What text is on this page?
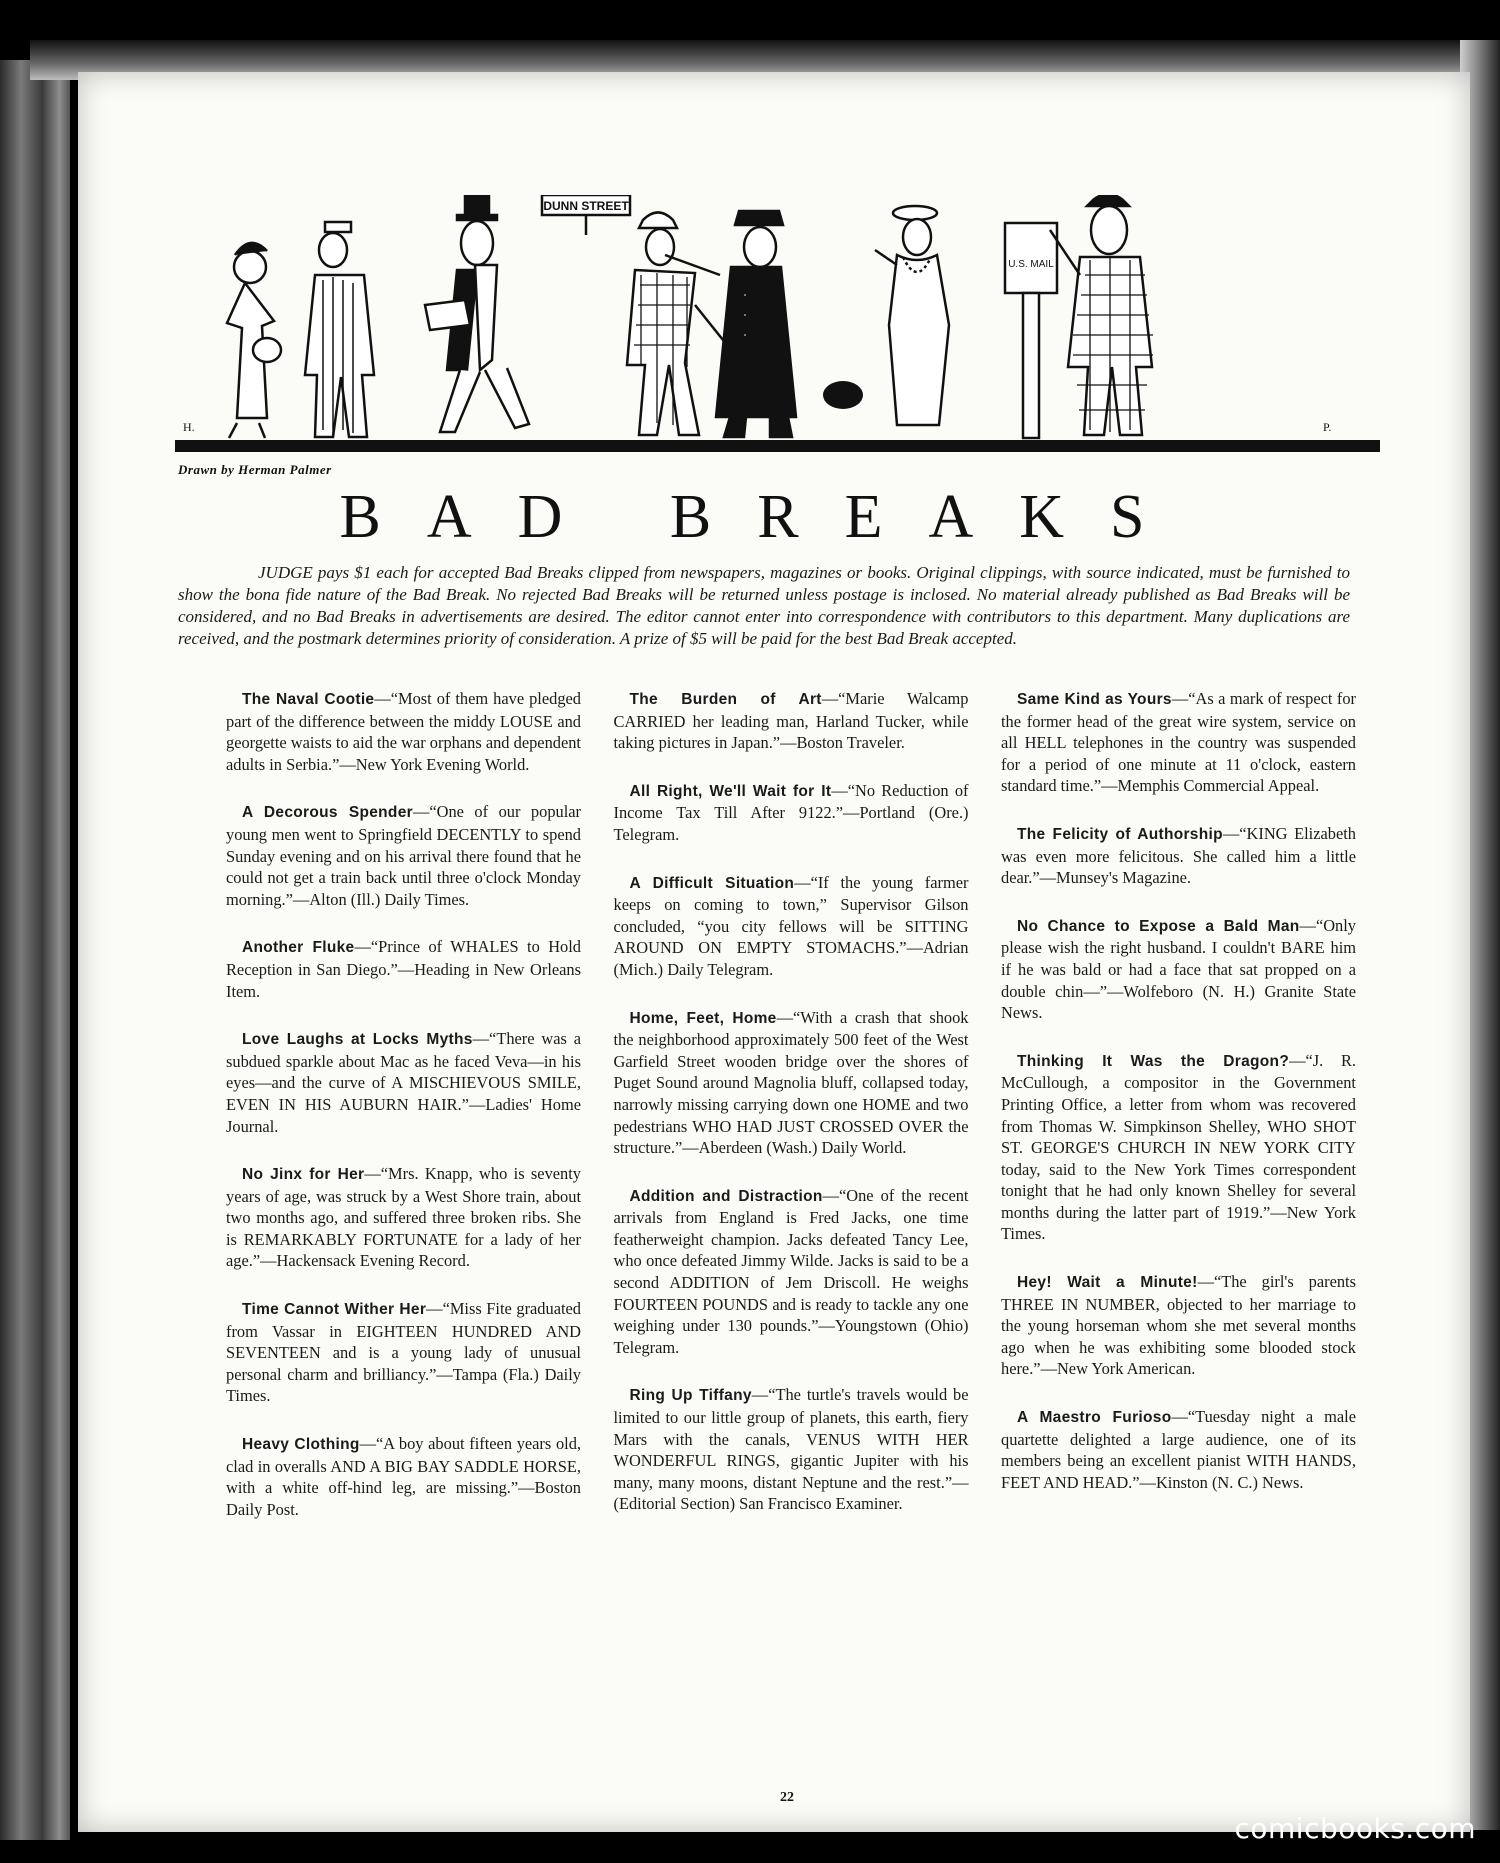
DUNN STREET
U.S. MAIL
H.	P.
Drawn by Herman Palmer
BAD BREAKS
JUDGE pays $1 each for accepted Bad Breaks clipped from newspapers, magazines or books. Original clippings, with source indicated, must be furnished to show the bona fide nature of the Bad Break. No rejected Bad Breaks will be returned unless postage is inclosed. No material already published as Bad Breaks will be considered, and no Bad Breaks in advertisements are desired. The editor cannot enter into correspondence with contributors to this department. Many duplications are received, and the postmark determines priority of consideration. A prize of $5 will be paid for the best Bad Break accepted.

The Naval Cootie—“Most of them have pledged part of the difference between the middy LOUSE and georgette waists to aid the war orphans and dependent adults in Serbia.”—New York Evening World.

A Decorous Spender—“One of our popular young men went to Springfield DECENTLY to spend Sunday evening and on his arrival there found that he could not get a train back until three o'clock Monday morning.”—Alton (Ill.) Daily Times.

Another Fluke—“Prince of WHALES to Hold Reception in San Diego.”—Heading in New Orleans Item.

Love Laughs at Locks Myths—“There was a subdued sparkle about Mac as he faced Veva—in his eyes—and the curve of A MISCHIEVOUS SMILE, EVEN IN HIS AUBURN HAIR.”—Ladies' Home Journal.

No Jinx for Her—“Mrs. Knapp, who is seventy years of age, was struck by a West Shore train, about two months ago, and suffered three broken ribs. She is REMARKABLY FORTUNATE for a lady of her age.”—Hackensack Evening Record.

Time Cannot Wither Her—“Miss Fite graduated from Vassar in EIGHTEEN HUNDRED AND SEVENTEEN and is a young lady of unusual personal charm and brilliancy.”—Tampa (Fla.) Daily Times.

Heavy Clothing—“A boy about fifteen years old, clad in overalls AND A BIG BAY SADDLE HORSE, with a white off-hind leg, are missing.”—Boston Daily Post.

The Burden of Art—“Marie Walcamp CARRIED her leading man, Harland Tucker, while taking pictures in Japan.”—Boston Traveler.

All Right, We'll Wait for It—“No Reduction of Income Tax Till After 9122.”—Portland (Ore.) Telegram.

A Difficult Situation—“If the young farmer keeps on coming to town,” Supervisor Gilson concluded, “you city fellows will be SITTING AROUND ON EMPTY STOMACHS.”—Adrian (Mich.) Daily Telegram.

Home, Feet, Home—“With a crash that shook the neighborhood approximately 500 feet of the West Garfield Street wooden bridge over the shores of Puget Sound around Magnolia bluff, collapsed today, narrowly missing carrying down one HOME and two pedestrians WHO HAD JUST CROSSED OVER the structure.”—Aberdeen (Wash.) Daily World.

Addition and Distraction—“One of the recent arrivals from England is Fred Jacks, one time featherweight champion. Jacks defeated Tancy Lee, who once defeated Jimmy Wilde. Jacks is said to be a second ADDITION of Jem Driscoll. He weighs FOURTEEN POUNDS and is ready to tackle any one weighing under 130 pounds.”—Youngstown (Ohio) Telegram.

Ring Up Tiffany—“The turtle's travels would be limited to our little group of planets, this earth, fiery Mars with the canals, VENUS WITH HER WONDERFUL RINGS, gigantic Jupiter with his many, many moons, distant Neptune and the rest.”—(Editorial Section) San Francisco Examiner.

Same Kind as Yours—“As a mark of respect for the former head of the great wire system, service on all HELL telephones in the country was suspended for a period of one minute at 11 o'clock, eastern standard time.”—Memphis Commercial Appeal.

The Felicity of Authorship—“KING Elizabeth was even more felicitous. She called him a little dear.”—Munsey's Magazine.

No Chance to Expose a Bald Man—“Only please wish the right husband. I couldn't BARE him if he was bald or had a face that sat propped on a double chin—”—Wolfeboro (N. H.) Granite State News.

Thinking It Was the Dragon?—“J. R. McCullough, a compositor in the Government Printing Office, a letter from whom was recovered from Thomas W. Simpkinson Shelley, WHO SHOT ST. GEORGE'S CHURCH IN NEW YORK CITY today, said to the New York Times correspondent tonight that he had only known Shelley for several months during the latter part of 1919.”—New York Times.

Hey! Wait a Minute!—“The girl's parents THREE IN NUMBER, objected to her marriage to the young horseman whom she met several months ago when he was exhibiting some blooded stock here.”—New York American.

A Maestro Furioso—“Tuesday night a male quartette delighted a large audience, one of its members being an excellent pianist WITH HANDS, FEET AND HEAD.”—Kinston (N. C.) News.

22
comicbooks.com
